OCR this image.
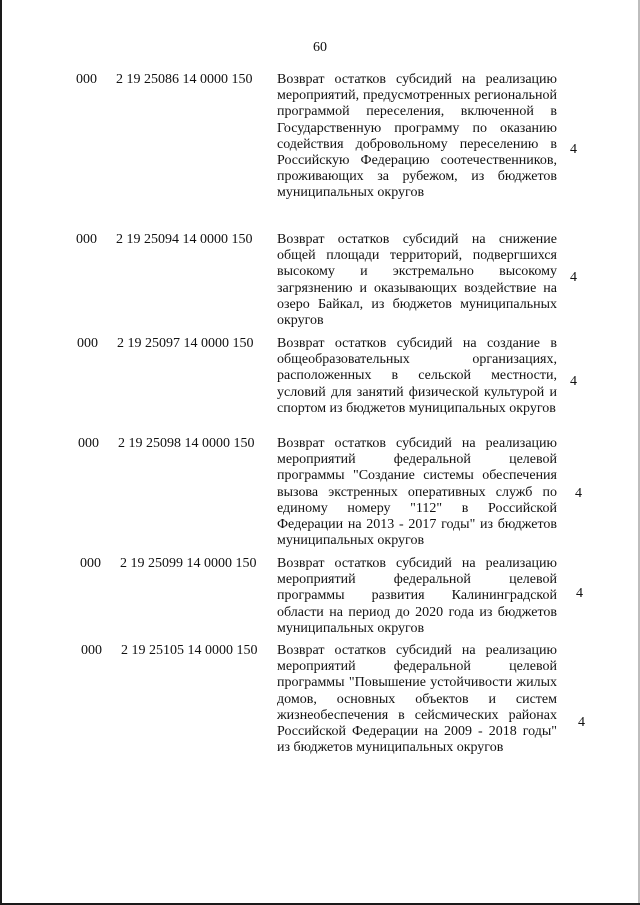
60
000 2 19 25086 14 0000 150 Возврат остатков субсидий на реализацию мероприятий, предусмотренных региональной программой переселения, включенной в Государственную программу по оказанию содействия добровольному переселению в Российскую Федерацию соотечественников, проживающих за рубежом, из бюджетов муниципальных округов

4
000 2 19 25094 14 0000 150 Возврат остатков субсидий на снижение общей площади территорий, подвергшихся высокому и экстремально высокому загрязнению и оказывающих воздействие на озеро Байкал, из бюджетов муниципальных округов

4
000 2 19 25097 14 0000 150 Возврат остатков субсидий на создание в общеобразовательных организациях, расположенных в сельской местности, условий для занятий физической культурой и спортом из бюджетов муниципальных округов

4
000 2 19 25098 14 0000 150 Возврат остатков субсидий на реализацию мероприятий федеральной целевой программы "Создание системы обеспечения вызова экстренных оперативных служб по единому номеру "112" в Российской Федерации на 2013 - 2017 годы" из бюджетов муниципальных округов

4
000 2 19 25099 14 0000 150 Возврат остатков субсидий на реализацию мероприятий федеральной целевой программы развития Калининградской области на период до 2020 года из бюджетов муниципальных округов

4
000 2 19 25105 14 0000 150 Возврат остатков субсидий на реализацию мероприятий федеральной целевой программы "Повышение устойчивости жилых домов, основных объектов и систем жизнеобеспечения в сейсмических районах Российской Федерации на 2009 - 2018 годы" из бюджетов муниципальных округов

4
